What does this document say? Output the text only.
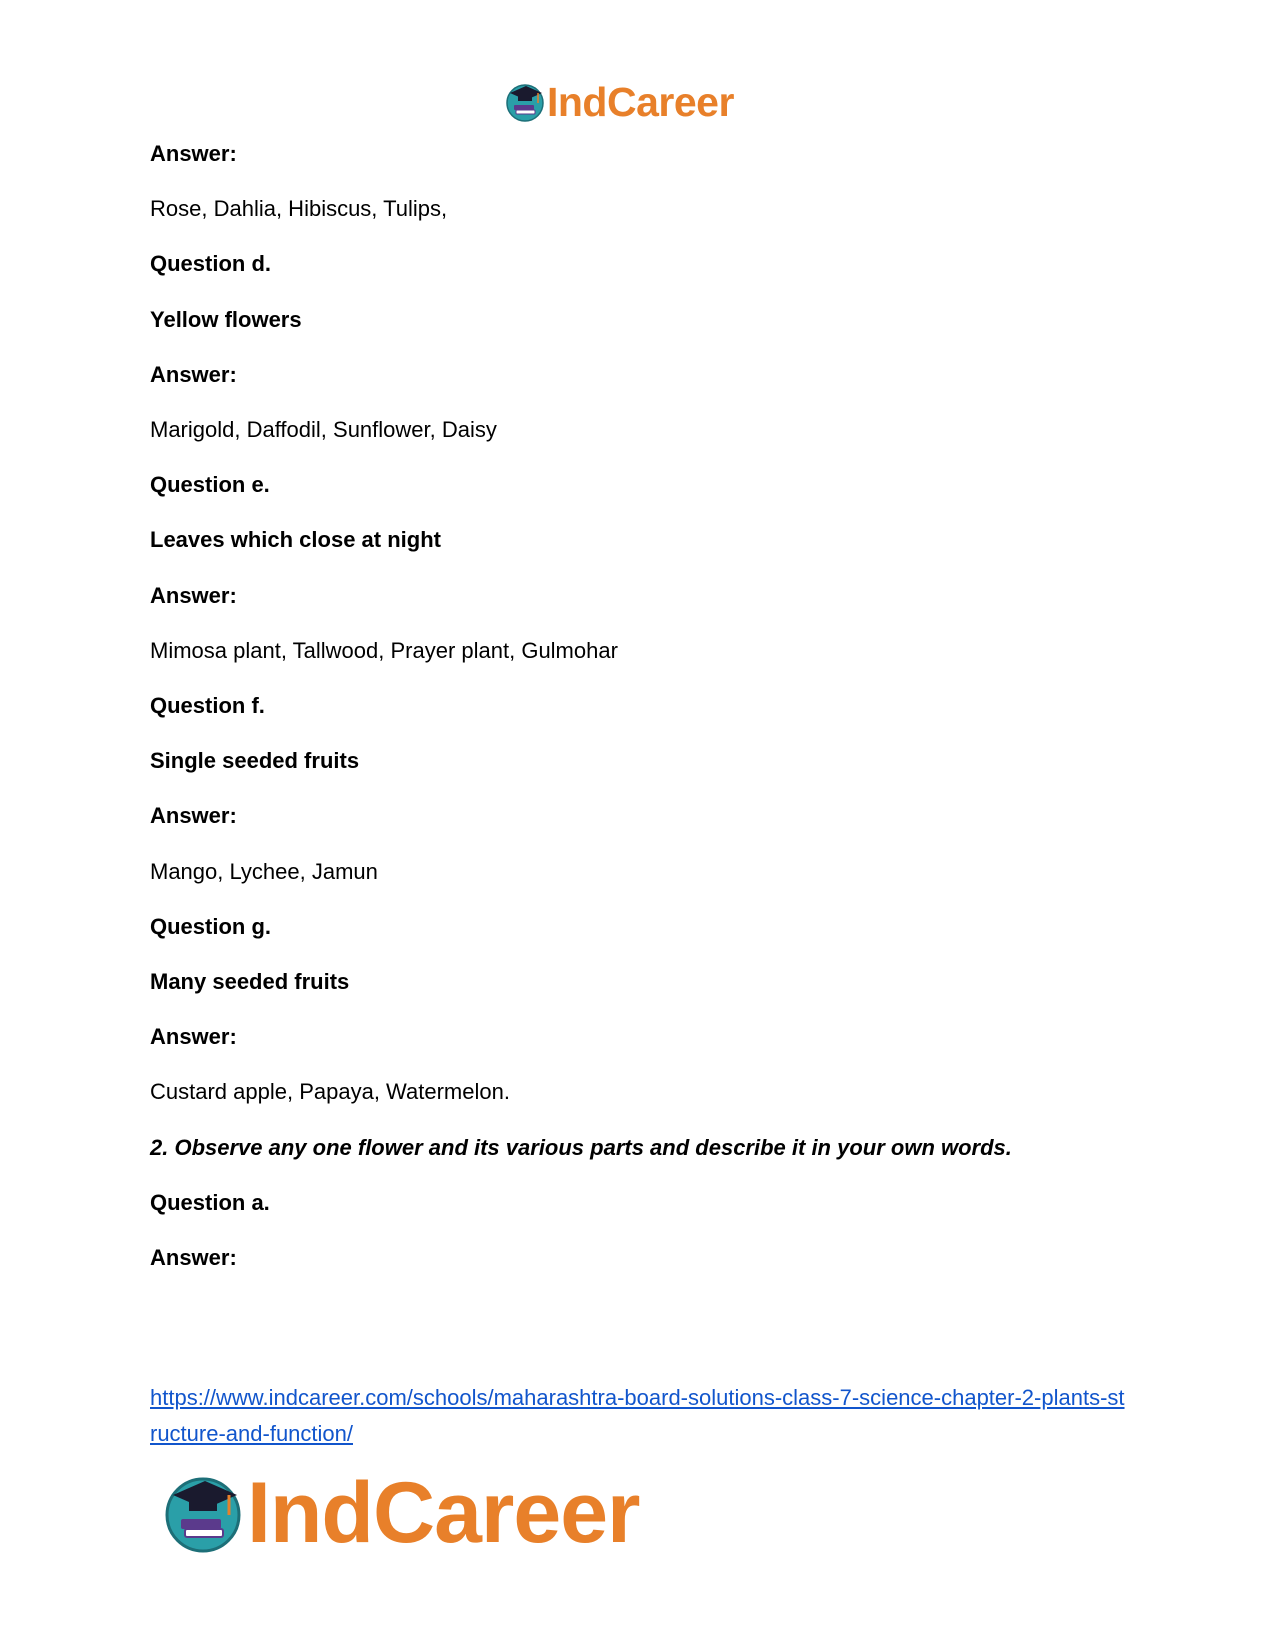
IndCareer
Answer:
Rose, Dahlia, Hibiscus, Tulips,
Question d.
Yellow flowers
Answer:
Marigold, Daffodil, Sunflower, Daisy
Question e.
Leaves which close at night
Answer:
Mimosa plant, Tallwood, Prayer plant, Gulmohar
Question f.
Single seeded fruits
Answer:
Mango, Lychee, Jamun
Question g.
Many seeded fruits
Answer:
Custard apple, Papaya, Watermelon.
2. Observe any one flower and its various parts and describe it in your own words.
Question a.
Answer:
https://www.indcareer.com/schools/maharashtra-board-solutions-class-7-science-chapter-2-plants-structure-and-function/
IndCareer
